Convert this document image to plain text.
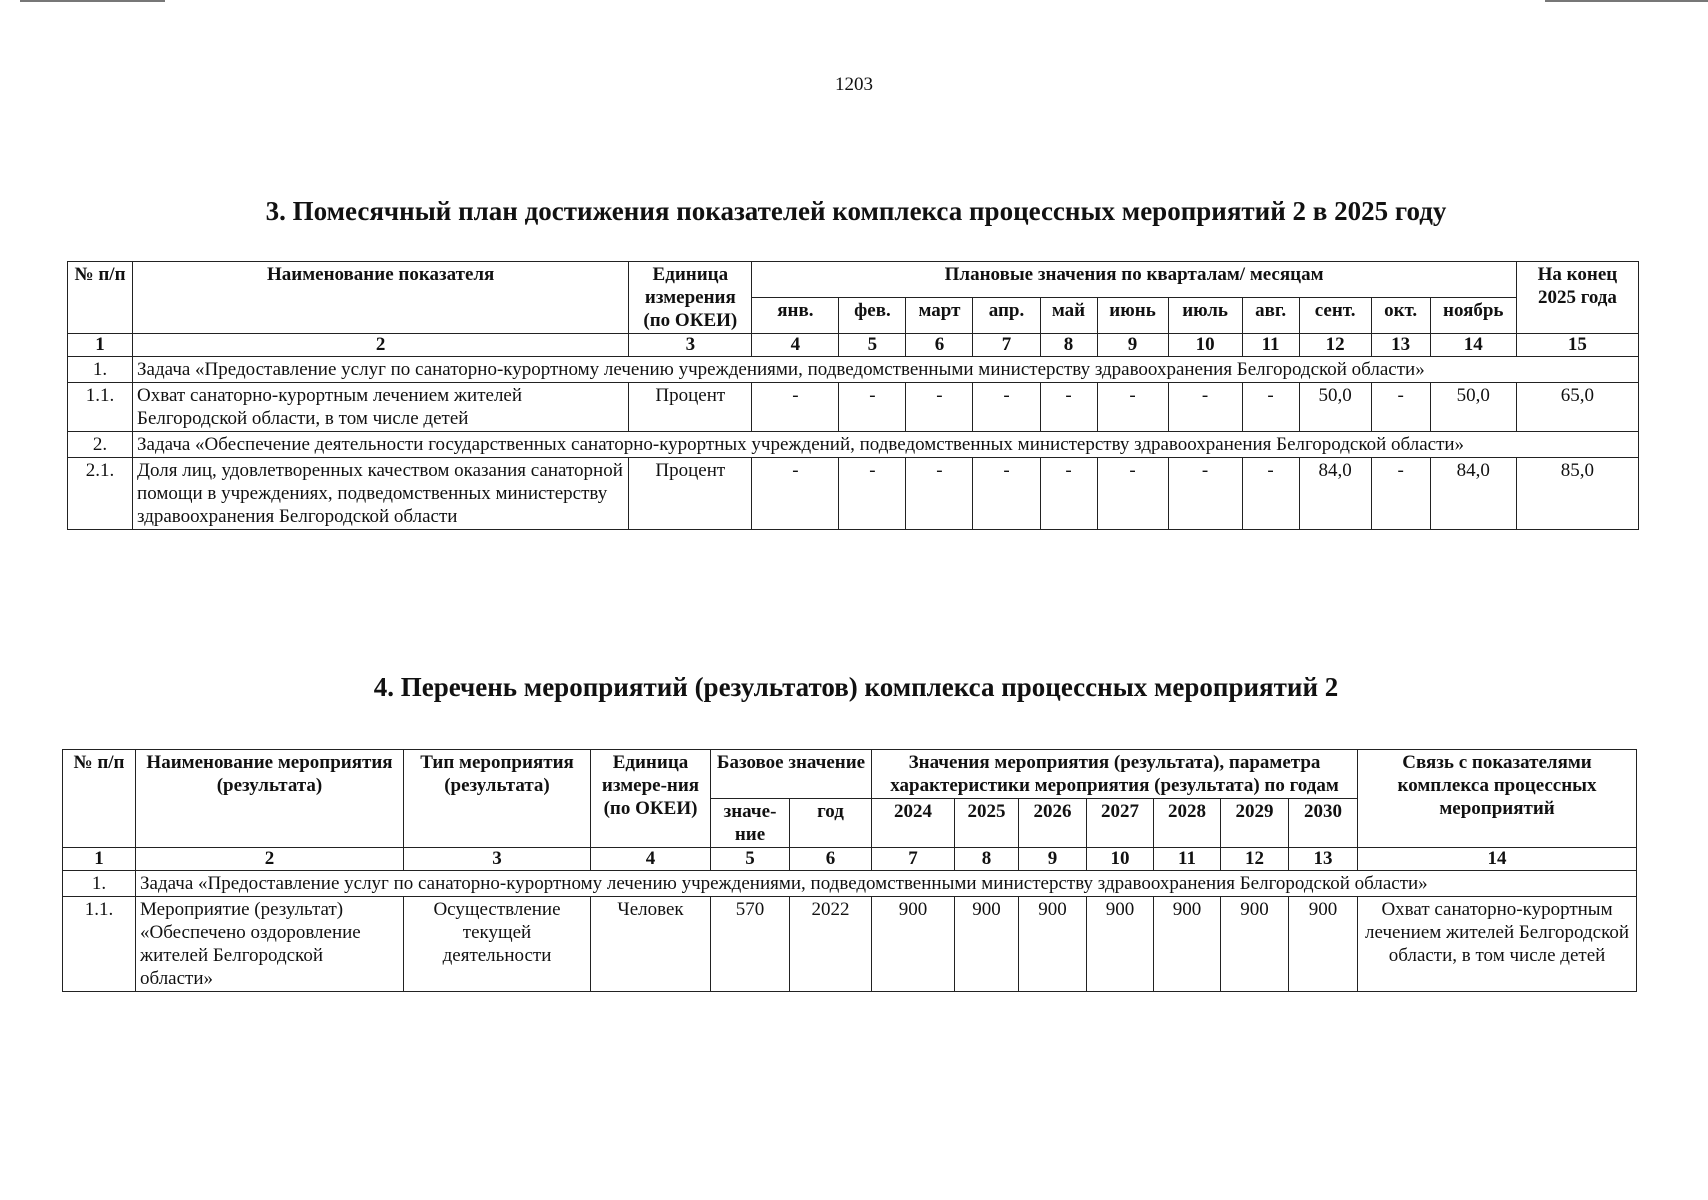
1203
3. Помесячный план достижения показателей комплекса процессных мероприятий 2 в 2025 году
№ п/п	Наименование показателя	Единица измерения (по ОКЕИ)	Плановые значения по кварталам/ месяцам											На конец 2025 года
			янв.	фев.	март	апр.	май	июнь	июль	авг.	сент.	окт.	ноябрь	
1	2	3	4	5	6	7	8	9	10	11	12	13	14	15
1.	Задача «Предоставление услуг по санаторно-курортному лечению учреждениями, подведомственными министерству здравоохранения Белгородской области»													
1.1.	Охват санаторно-курортным лечением жителей Белгородской области, в том числе детей	Процент	-	-	-	-	-	-	-	-	50,0	-	50,0	65,0
2.	Задача «Обеспечение деятельности государственных санаторно-курортных учреждений, подведомственных министерству здравоохранения Белгородской области»													
2.1.	Доля лиц, удовлетворенных качеством оказания санаторной помощи в учреждениях, подведомственных министерству здравоохранения Белгородской области	Процент	-	-	-	-	-	-	-	-	84,0	-	84,0	85,0
4. Перечень мероприятий (результатов) комплекса процессных мероприятий 2
№ п/п	Наименование мероприятия (результата)	Тип мероприятия (результата)	Единица измере-ния (по ОКЕИ)	Базовое значение		Значения мероприятия (результата), параметра характеристики мероприятия (результата) по годам							Связь с показателями комплекса процессных мероприятий
				значе-ние	год	2024	2025	2026	2027	2028	2029	2030	
1	2	3	4	5	6	7	8	9	10	11	12	13	14
1.	Задача «Предоставление услуг по санаторно-курортному лечению учреждениями, подведомственными министерству здравоохранения Белгородской области»												
1.1.	Мероприятие (результат) «Обеспечено оздоровление жителей Белгородской области»	Осуществление текущей деятельности	Человек	570	2022	900	900	900	900	900	900	900	Охват санаторно-курортным лечением жителей Белгородской области, в том числе детей
